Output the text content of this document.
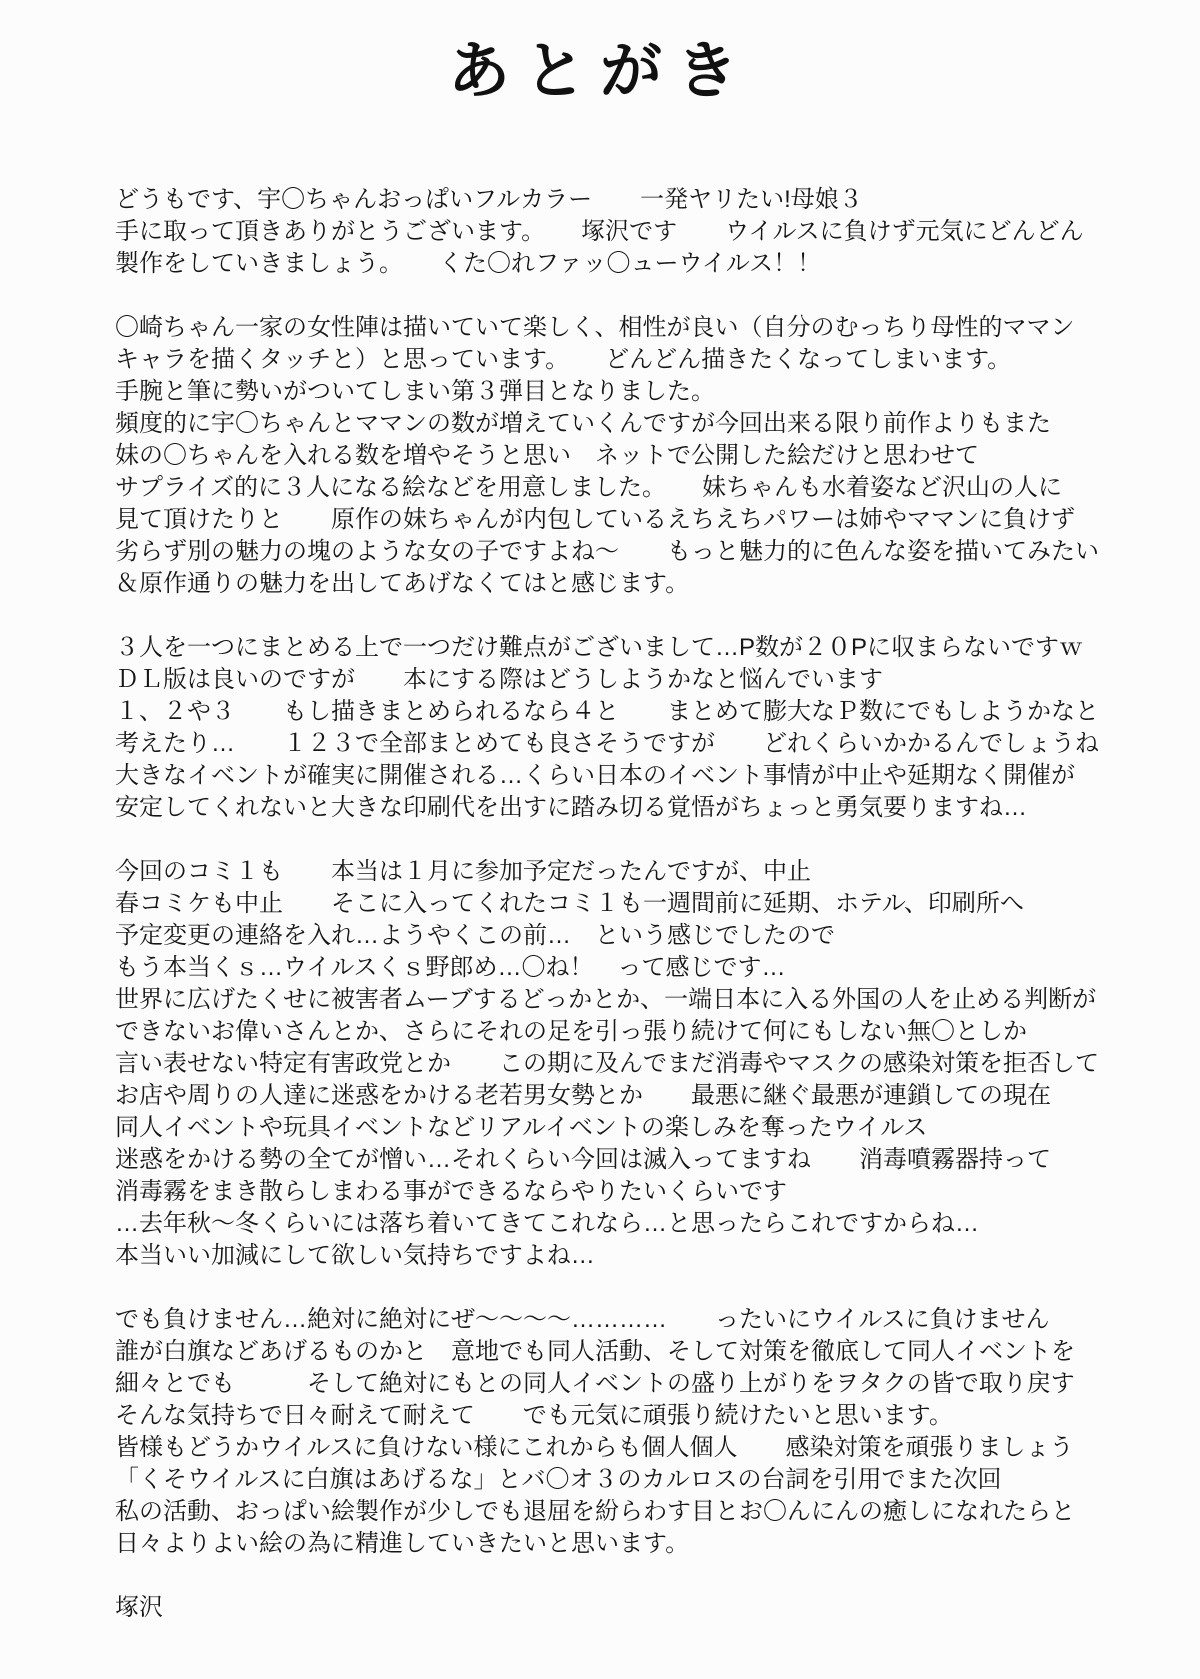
あとがき
どうもです、宇〇ちゃんおっぱいフルカラー　　一発ヤリたい!母娘３
手に取って頂きありがとうございます。　　塚沢です　　ウイルスに負けず元気にどんどん
製作をしていきましょう。　　くた〇れファッ〇ューウイルス！！
〇崎ちゃん一家の女性陣は描いていて楽しく、相性が良い（自分のむっちり母性的ママン
キャラを描くタッチと）と思っています。　　どんどん描きたくなってしまいます。
手腕と筆に勢いがついてしまい第３弾目となりました。
頻度的に宇〇ちゃんとママンの数が増えていくんですが今回出来る限り前作よりもまた
妹の〇ちゃんを入れる数を増やそうと思い　ネットで公開した絵だけと思わせて
サプライズ的に３人になる絵などを用意しました。　　妹ちゃんも水着姿など沢山の人に
見て頂けたりと　　原作の妹ちゃんが内包しているえちえちパワーは姉やママンに負けず
劣らず別の魅力の塊のような女の子ですよね～　　もっと魅力的に色んな姿を描いてみたい
＆原作通りの魅力を出してあげなくてはと感じます。
３人を一つにまとめる上で一つだけ難点がございまして…P数が２０Pに収まらないですｗ
ＤＬ版は良いのですが　　本にする際はどうしようかなと悩んでいます
１、２や３　　もし描きまとめられるなら４と　　まとめて膨大なＰ数にでもしようかなと
考えたり…　　１２３で全部まとめても良さそうですが　　どれくらいかかるんでしょうね
大きなイベントが確実に開催される…くらい日本のイベント事情が中止や延期なく開催が
安定してくれないと大きな印刷代を出すに踏み切る覚悟がちょっと勇気要りますね…
今回のコミ１も　　本当は１月に参加予定だったんですが、中止
春コミケも中止　　そこに入ってくれたコミ１も一週間前に延期、ホテル、印刷所へ
予定変更の連絡を入れ…ようやくこの前…　という感じでしたので
もう本当くｓ…ウイルスくｓ野郎め…〇ね！　って感じです…
世界に広げたくせに被害者ムーブするどっかとか、一端日本に入る外国の人を止める判断が
できないお偉いさんとか、さらにそれの足を引っ張り続けて何にもしない無〇としか
言い表せない特定有害政党とか　　この期に及んでまだ消毒やマスクの感染対策を拒否して
お店や周りの人達に迷惑をかける老若男女勢とか　　最悪に継ぐ最悪が連鎖しての現在
同人イベントや玩具イベントなどリアルイベントの楽しみを奪ったウイルス
迷惑をかける勢の全てが憎い…それくらい今回は滅入ってますね　　消毒噴霧器持って
消毒霧をまき散らしまわる事ができるならやりたいくらいです
…去年秋～冬くらいには落ち着いてきてこれなら…と思ったらこれですからね…
本当いい加減にして欲しい気持ちですよね…
でも負けません…絶対に絶対にぜ～～～～…………　　ったいにウイルスに負けません
誰が白旗などあげるものかと　意地でも同人活動、そして対策を徹底して同人イベントを
細々とでも　　　そして絶対にもとの同人イベントの盛り上がりをヲタクの皆で取り戻す
そんな気持ちで日々耐えて耐えて　　でも元気に頑張り続けたいと思います。
皆様もどうかウイルスに負けない様にこれからも個人個人　　感染対策を頑張りましょう
「くそウイルスに白旗はあげるな」とバ〇オ３のカルロスの台詞を引用でまた次回
私の活動、おっぱい絵製作が少しでも退屈を紛らわす目とお〇んにんの癒しになれたらと
日々よりよい絵の為に精進していきたいと思います。
塚沢
